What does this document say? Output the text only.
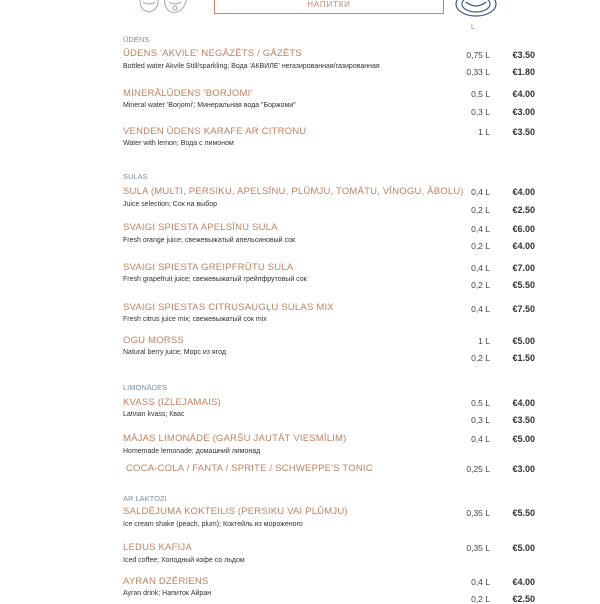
НАПИТКИ
L
ŪDENS
ŪDENS 'AKVILE' NEGĀZĒTS / GĀZĒTS
Bottled water Akvile Still/sparkling; Вода 'АКВИЛЕ' негазированная/газированная
0,75 L	€3.50
0,33 L	€1.80
MINERĀLŪDENS 'BORJOMI'
Mineral water 'Borjomi'; Минеральная вода "Боржоми"
0,5 L	€4.00
0,3 L	€3.00
VENDEN ŪDENS KARAFE AR CITRONU
Water with lemon; Вода с лимоном
1 L	€3.50
SULAS
SULA (MULTI, PERSIKU, APELSĪNU, PLŪMJU, TOMĀTU, VĪNOGU, ĀBOLU)
Juice selection; Сок на выбор
0,4 L	€4.00
0,2 L	€2.50
SVAIGI SPIESTA APELSĪNU SULA
Fresh orange juice; свежевыжатый апельсиновый сок
0,4 L	€6.00
0,2 L	€4.00
SVAIGI SPIESTA GREIPFRŪTU SULA
Fresh grapefruit juice; свежевыжатый грейпфрутовый сок
0,4 L	€7.00
0,2 L	€5.50
SVAIGI SPIESTAS CITRUSAUGĻU SULAS MIX
Fresh citrus juice mix; свежевыжатый сок mix
0,4 L	€7.50
OGU MORSS
Natural berry juice; Морс из ягод
1 L	€5.00
0,2 L	€1.50
LIMONĀDES
KVASS (IZLEJAMAIS)
Latvian kvass; Квас
0,5 L	€4.00
0,3 L	€3.50
MĀJAS LIMONĀDE (GARŠU JAUTĀT VIESMĪLIM)
Homemade lemonade; домашний лимонад
0,4 L	€5.00
COCA-COLA / FANTA / SPRITE / SCHWEPPE'S TONIC	0,25 L	€3.00
AR LAKTOZI
SALDĒJUMA KOKTEILIS (PERSIKU VAI PLŪMJU)
Ice cream shake (peach, plum); Коктейль из мороженого
0,35 L	€5.50
LEDUS KAFIJA
Iced coffee; Холодный кофе со льдом
0,35 L	€5.00
AYRAN DZĒRIENS
Ayran drink; Напиток Айран
0,4 L	€4.00
0,2 L	€2.50
